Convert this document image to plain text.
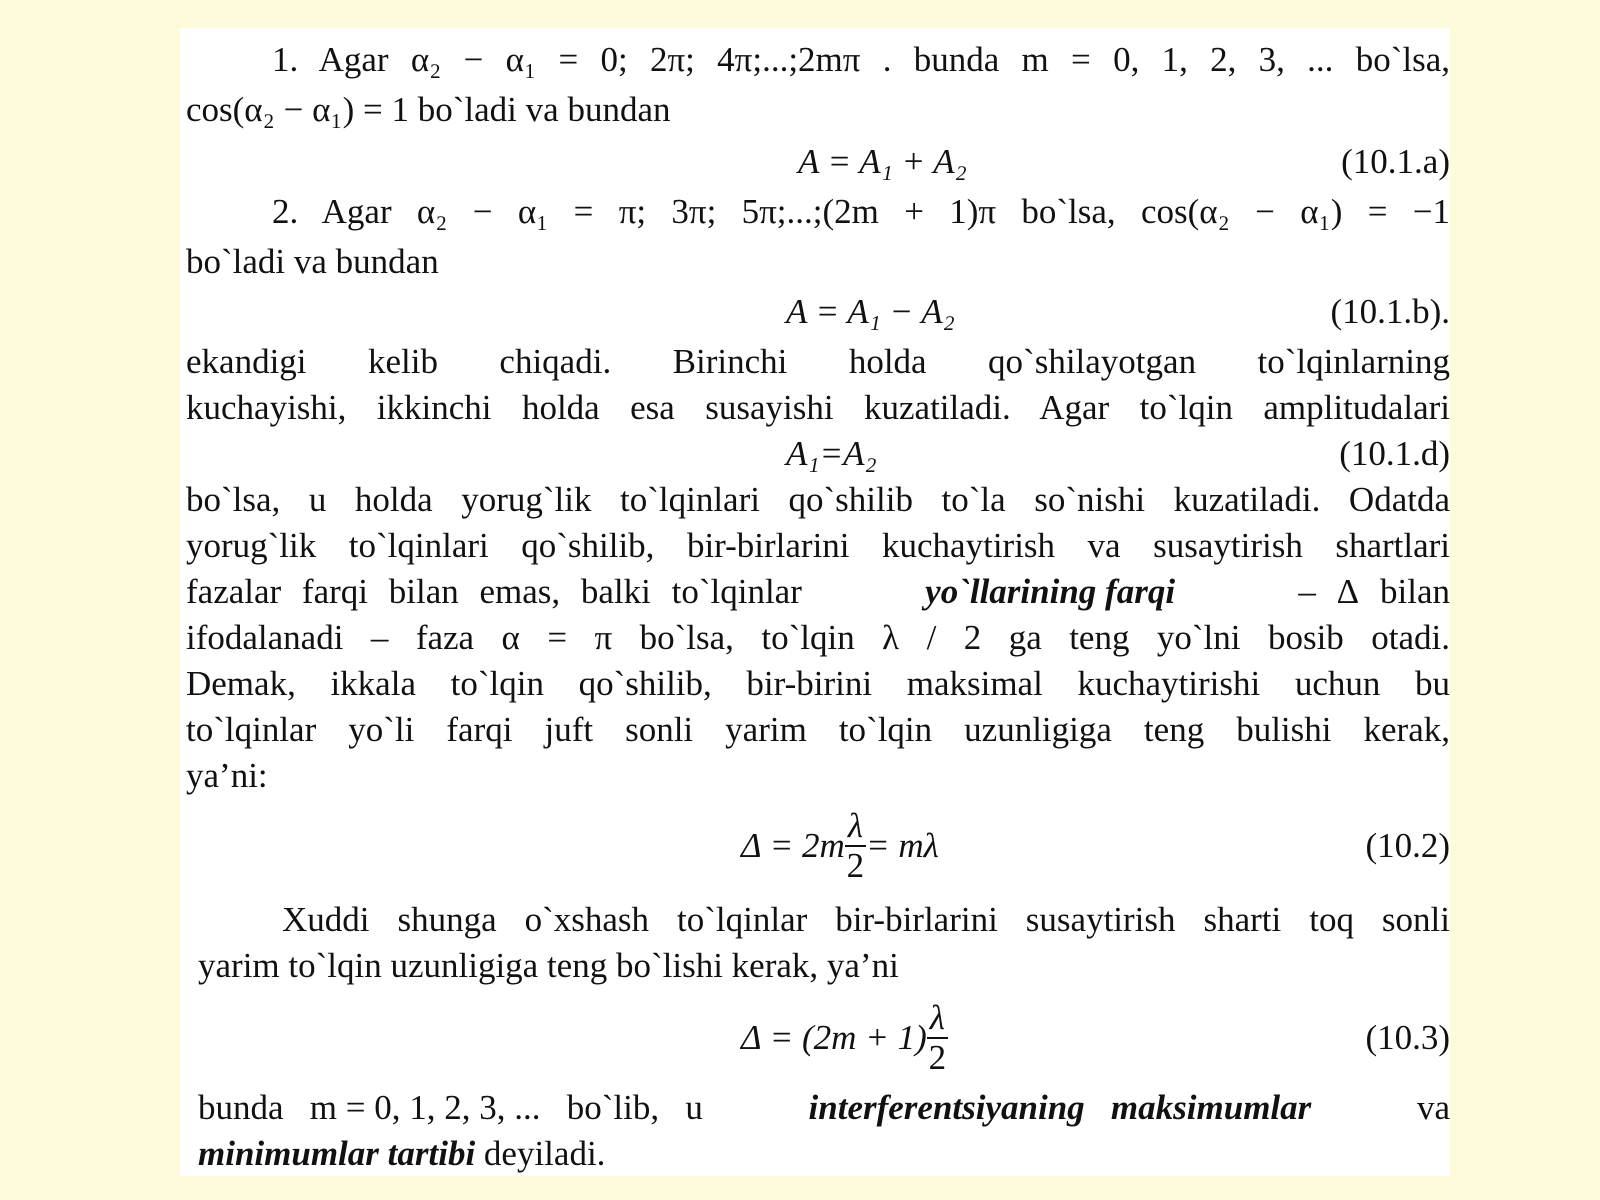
1. Agar α₂ − α₁ = 0; 2π; 4π;...;2mπ . bunda m = 0, 1, 2, 3, ... bo`lsa,
cos(α₂ − α₁) = 1 bo`ladi va bundan
A = A₁ + A₂	(10.1.a)
2. Agar α₂ − α₁ = π; 3π; 5π;...;(2m + 1)π bo`lsa, cos(α₂ − α₁) = −1
bo`ladi va bundan
A = A₁ − A₂	(10.1.b).
ekandigi kelib chiqadi. Birinchi holda qo`shilayotgan to`lqinlarning
kuchayishi, ikkinchi holda esa susayishi kuzatiladi. Agar to`lqin amplitudalari
A₁=A₂	(10.1.d)
bo`lsa, u holda yorug`lik to`lqinlari qo`shilib to`la so`nishi kuzatiladi. Odatda
yorug`lik to`lqinlari qo`shilib, bir-birlarini kuchaytirish va susaytirish shartlari
fazalar farqi bilan emas, balki to`lqinlar	yo`llarining farqi	– Δ bilan
ifodalanadi – faza α = π bo`lsa, to`lqin λ / 2 ga teng yo`lni bosib otadi.
Demak, ikkala to`lqin qo`shilib, bir-birini maksimal kuchaytirishi uchun bu
to`lqinlar yo`li farqi juft sonli yarim to`lqin uzunligiga teng bulishi kerak,
ya’ni:
$\Delta = 2m \frac{\lambda}{2} = m\lambda$	(10.2)
Xuddi shunga o`xshash to`lqinlar bir-birlarini susaytirish sharti toq sonli
yarim to`lqin uzunligiga teng bo`lishi kerak, ya’ni
$\Delta = (2m + 1) \frac{\lambda}{2}$	(10.3)
bunda   m = 0, 1, 2, 3, ...   bo`lib,   u	interferentsiyaning   maksimumlar	va
minimumlar tartibi deyiladi.
